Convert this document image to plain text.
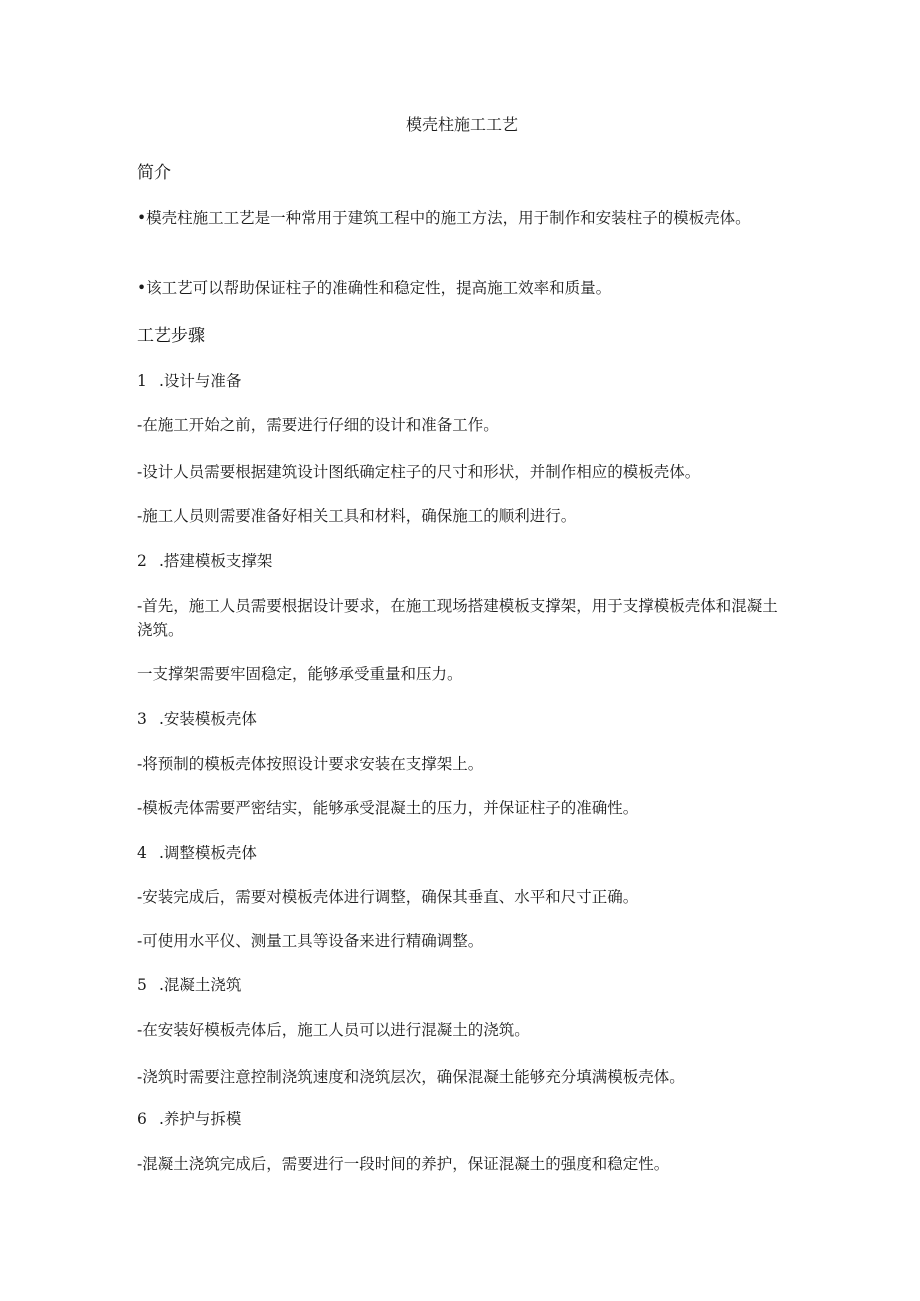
模壳柱施工工艺
简介

•模壳柱施工工艺是一种常用于建筑工程中的施工方法，用于制作和安装柱子的模板壳体。

•该工艺可以帮助保证柱子的准确性和稳定性，提高施工效率和质量。

工艺步骤

1 .设计与准备

-在施工开始之前，需要进行仔细的设计和准备工作。

-设计人员需要根据建筑设计图纸确定柱子的尺寸和形状，并制作相应的模板壳体。

-施工人员则需要准备好相关工具和材料，确保施工的顺利进行。

2 .搭建模板支撑架

-首先，施工人员需要根据设计要求，在施工现场搭建模板支撑架，用于支撑模板壳体和混凝土浇筑。

一支撑架需要牢固稳定，能够承受重量和压力。

3 .安装模板壳体

-将预制的模板壳体按照设计要求安装在支撑架上。

-模板壳体需要严密结实，能够承受混凝土的压力，并保证柱子的准确性。

4 .调整模板壳体

-安装完成后，需要对模板壳体进行调整，确保其垂直、水平和尺寸正确。

-可使用水平仪、测量工具等设备来进行精确调整。

5 .混凝土浇筑

-在安装好模板壳体后，施工人员可以进行混凝土的浇筑。

-浇筑时需要注意控制浇筑速度和浇筑层次，确保混凝土能够充分填满模板壳体。

6 .养护与拆模

-混凝土浇筑完成后，需要进行一段时间的养护，保证混凝土的强度和稳定性。
